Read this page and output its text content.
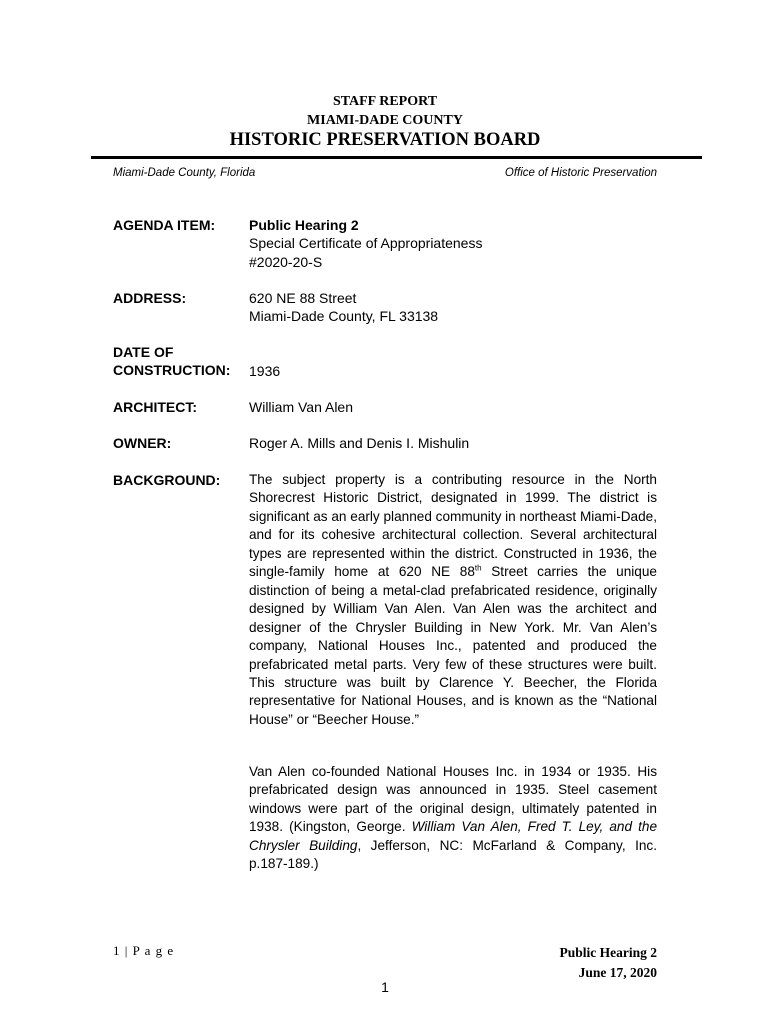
STAFF REPORT
MIAMI-DADE COUNTY
HISTORIC PRESERVATION BOARD
Miami-Dade County, Florida	Office of Historic Preservation
AGENDA ITEM: Public Hearing 2
Special Certificate of Appropriateness
#2020-20-S
ADDRESS:	620 NE 88 Street
Miami-Dade County, FL 33138
DATE OF
CONSTRUCTION: 1936
ARCHITECT:	William Van Alen
OWNER:	Roger A. Mills and Denis I. Mishulin
BACKGROUND: The subject property is a contributing resource in the North Shorecrest Historic District, designated in 1999. The district is significant as an early planned community in northeast Miami-Dade, and for its cohesive architectural collection. Several architectural types are represented within the district. Constructed in 1936, the single-family home at 620 NE 88th Street carries the unique distinction of being a metal-clad prefabricated residence, originally designed by William Van Alen. Van Alen was the architect and designer of the Chrysler Building in New York. Mr. Van Alen’s company, National Houses Inc., patented and produced the prefabricated metal parts. Very few of these structures were built. This structure was built by Clarence Y. Beecher, the Florida representative for National Houses, and is known as the “National House” or “Beecher House.”
Van Alen co-founded National Houses Inc. in 1934 or 1935. His prefabricated design was announced in 1935. Steel casement windows were part of the original design, ultimately patented in 1938. (Kingston, George. William Van Alen, Fred T. Ley, and the Chrysler Building, Jefferson, NC: McFarland & Company, Inc. p.187-189.)
1 | P a g e	Public Hearing 2
June 17, 2020
1
